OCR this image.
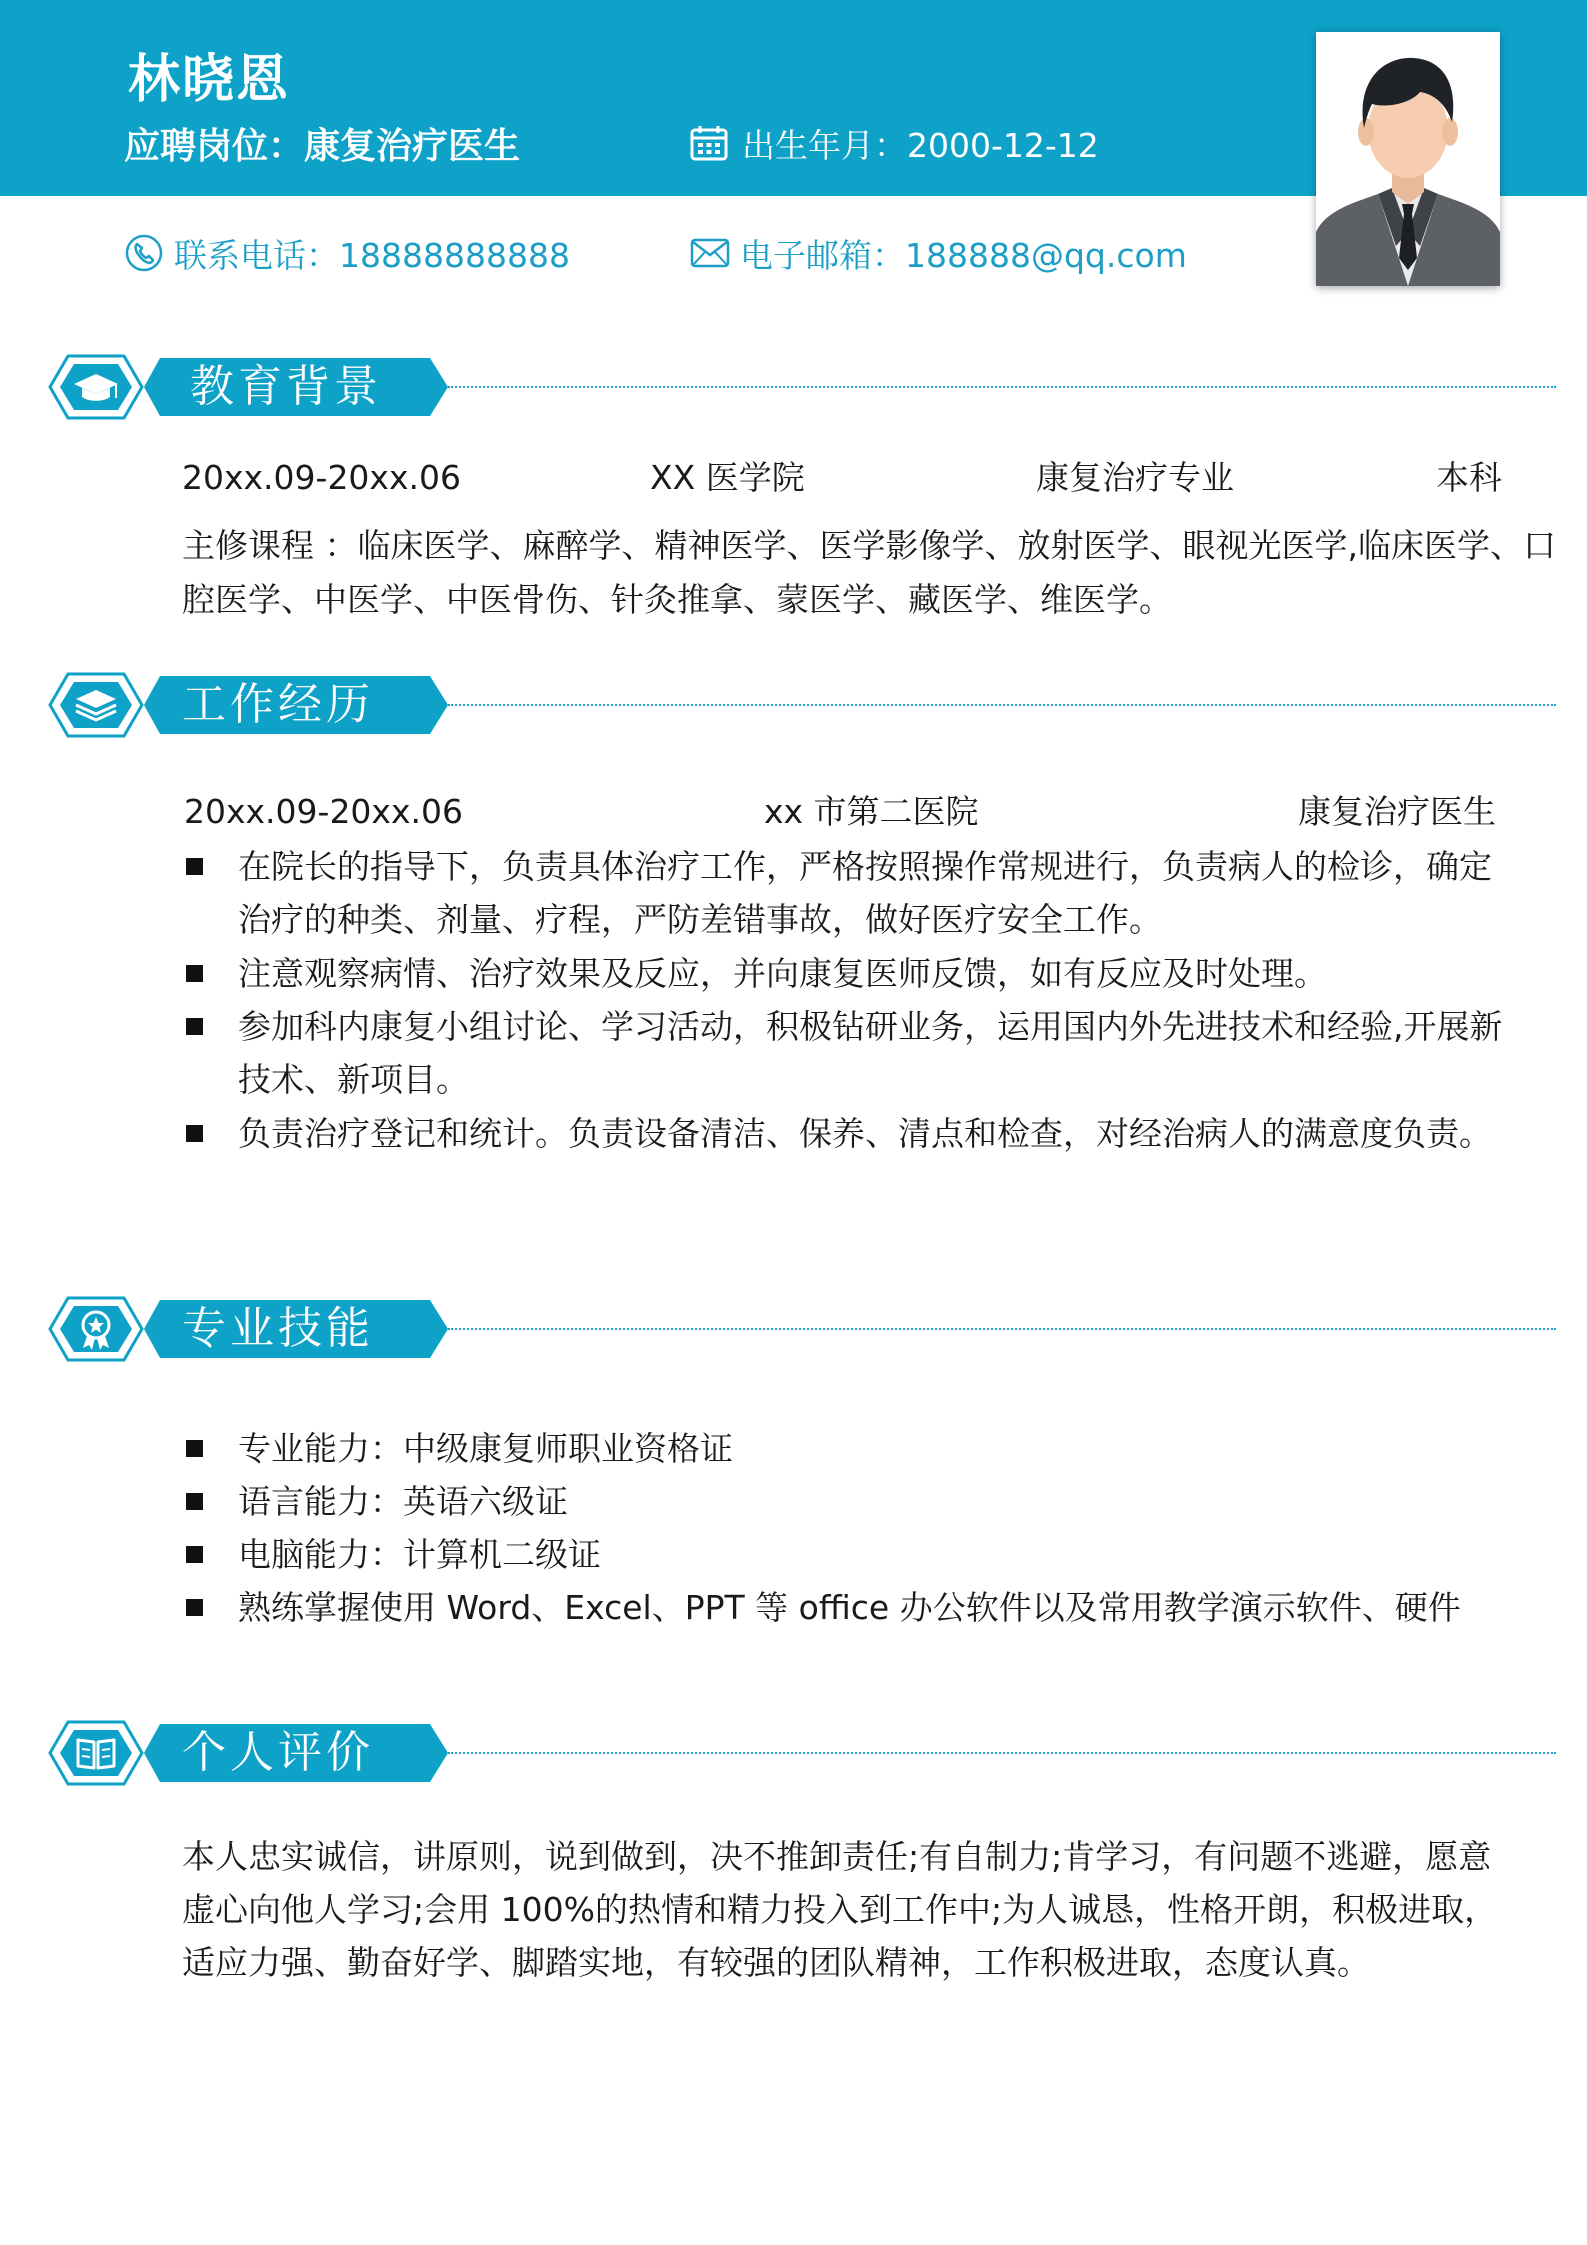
林晓恩
应聘岗位：康复治疗医生	出生年月：2000-12-12
联系电话：18888888888	电子邮箱：188888@qq.com
教育背景
20xx.09-20xx.06	XX 医学院	康复治疗专业	本科
主修课程 ：临床医学、麻醉学、精神医学、医学影像学、放射医学、眼视光医学,临床医学、口
腔医学、中医学、中医骨伤、针灸推拿、蒙医学、藏医学、维医学。
工作经历
20xx.09-20xx.06	xx 市第二医院	康复治疗医生
在院长的指导下，负责具体治疗工作，严格按照操作常规进行，负责病人的检诊，确定治疗的种类、剂量、疗程，严防差错事故，做好医疗安全工作。
注意观察病情、治疗效果及反应，并向康复医师反馈，如有反应及时处理。
参加科内康复小组讨论、学习活动，积极钻研业务，运用国内外先进技术和经验,开展新技术、新项目。
负责治疗登记和统计。负责设备清洁、保养、清点和检查，对经治病人的满意度负责。
专业技能
专业能力：中级康复师职业资格证
语言能力：英语六级证
电脑能力：计算机二级证
熟练掌握使用 Word、Excel、PPT 等 office 办公软件以及常用教学演示软件、硬件
个人评价
本人忠实诚信，讲原则，说到做到，决不推卸责任;有自制力;肯学习，有问题不逃避，愿意虚心向他人学习;会用 100%的热情和精力投入到工作中;为人诚恳，性格开朗，积极进取，适应力强、勤奋好学、脚踏实地，有较强的团队精神，工作积极进取，态度认真。
